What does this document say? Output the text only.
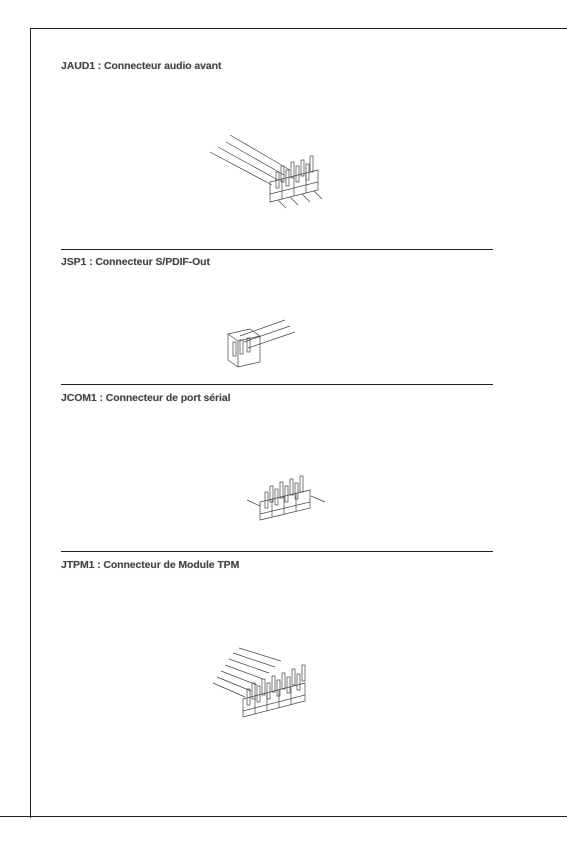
JAUD1 : Connecteur audio avant
JSP1 : Connecteur S/PDIF-Out
JCOM1 : Connecteur de port sérial
JTPM1 : Connecteur de Module TPM
